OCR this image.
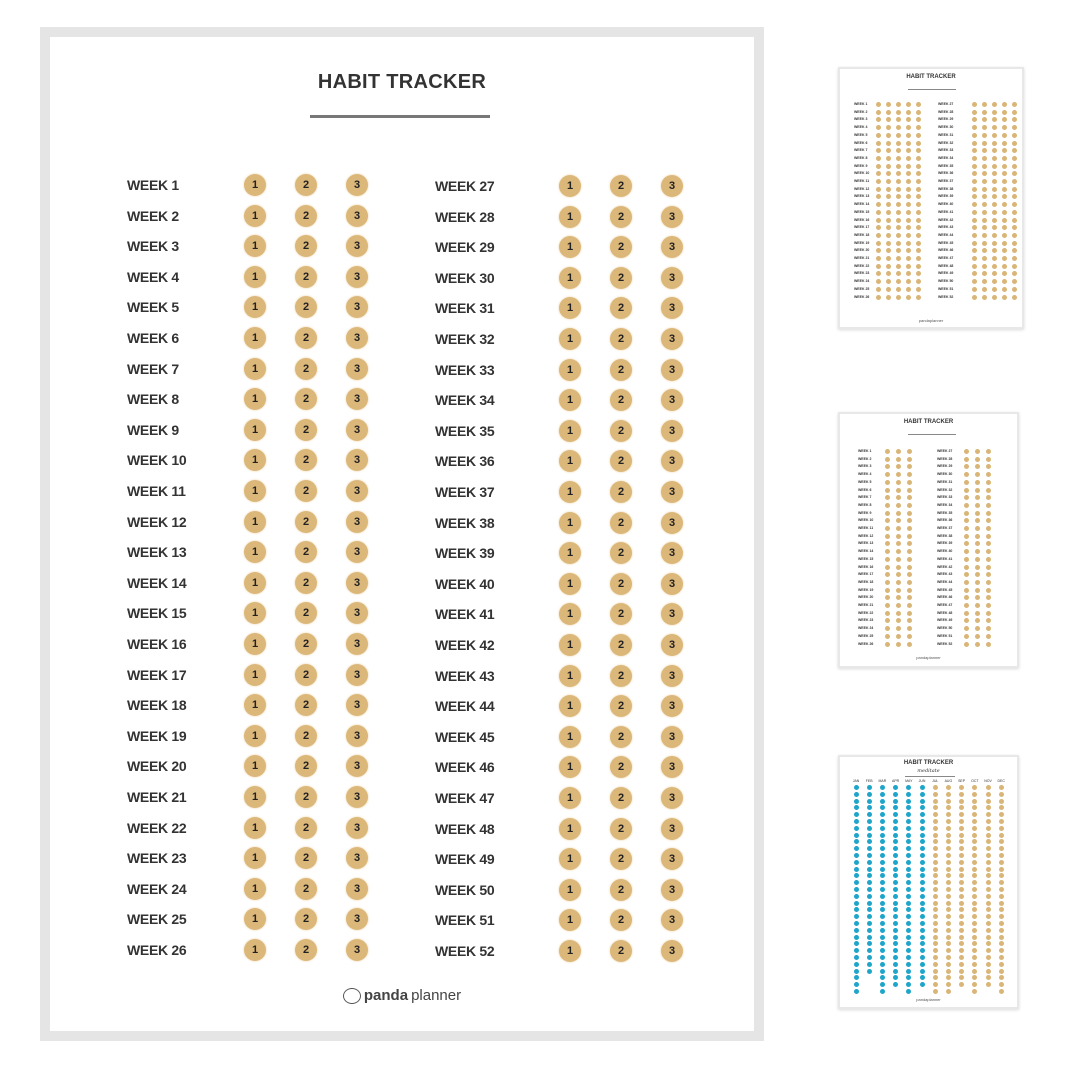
HABIT TRACKER
WEEK 1	1	2	3
WEEK 2	1	2	3
WEEK 3	1	2	3
WEEK 4	1	2	3
WEEK 5	1	2	3
WEEK 6	1	2	3
WEEK 7	1	2	3
WEEK 8	1	2	3
WEEK 9	1	2	3
WEEK 10	1	2	3
WEEK 11	1	2	3
WEEK 12	1	2	3
WEEK 13	1	2	3
WEEK 14	1	2	3
WEEK 15	1	2	3
WEEK 16	1	2	3
WEEK 17	1	2	3
WEEK 18	1	2	3
WEEK 19	1	2	3
WEEK 20	1	2	3
WEEK 21	1	2	3
WEEK 22	1	2	3
WEEK 23	1	2	3
WEEK 24	1	2	3
WEEK 25	1	2	3
WEEK 26	1	2	3
WEEK 27	1	2	3
WEEK 28	1	2	3
WEEK 29	1	2	3
WEEK 30	1	2	3
WEEK 31	1	2	3
WEEK 32	1	2	3
WEEK 33	1	2	3
WEEK 34	1	2	3
WEEK 35	1	2	3
WEEK 36	1	2	3
WEEK 37	1	2	3
WEEK 38	1	2	3
WEEK 39	1	2	3
WEEK 40	1	2	3
WEEK 41	1	2	3
WEEK 42	1	2	3
WEEK 43	1	2	3
WEEK 44	1	2	3
WEEK 45	1	2	3
WEEK 46	1	2	3
WEEK 47	1	2	3
WEEK 48	1	2	3
WEEK 49	1	2	3
WEEK 50	1	2	3
WEEK 51	1	2	3
WEEK 52	1	2	3
panda planner
HABIT TRACKER
WEEK 1
WEEK 2
WEEK 3
WEEK 4
WEEK 5
WEEK 6
WEEK 7
WEEK 8
WEEK 9
WEEK 10
WEEK 11
WEEK 12
WEEK 13
WEEK 14
WEEK 15
WEEK 16
WEEK 17
WEEK 18
WEEK 19
WEEK 20
WEEK 21
WEEK 22
WEEK 23
WEEK 24
WEEK 25
WEEK 26
WEEK 27
WEEK 28
WEEK 29
WEEK 30
WEEK 31
WEEK 32
WEEK 33
WEEK 34
WEEK 35
WEEK 36
WEEK 37
WEEK 38
WEEK 39
WEEK 40
WEEK 41
WEEK 42
WEEK 43
WEEK 44
WEEK 45
WEEK 46
WEEK 47
WEEK 48
WEEK 49
WEEK 50
WEEK 51
WEEK 52
pandaplanner
HABIT TRACKER
WEEK 1
WEEK 2
WEEK 3
WEEK 4
WEEK 5
WEEK 6
WEEK 7
WEEK 8
WEEK 9
WEEK 10
WEEK 11
WEEK 12
WEEK 13
WEEK 14
WEEK 15
WEEK 16
WEEK 17
WEEK 18
WEEK 19
WEEK 20
WEEK 21
WEEK 22
WEEK 23
WEEK 24
WEEK 25
WEEK 26
WEEK 27
WEEK 28
WEEK 29
WEEK 30
WEEK 31
WEEK 32
WEEK 33
WEEK 34
WEEK 35
WEEK 36
WEEK 37
WEEK 38
WEEK 39
WEEK 40
WEEK 41
WEEK 42
WEEK 43
WEEK 44
WEEK 45
WEEK 46
WEEK 47
WEEK 48
WEEK 49
WEEK 50
WEEK 51
WEEK 52
pandaplanner
HABIT TRACKER
meditate
JAN	FEB	MAR	APR	MAY	JUN	JUL	AUG	SEP	OCT	NOV	DEC
pandaplanner
